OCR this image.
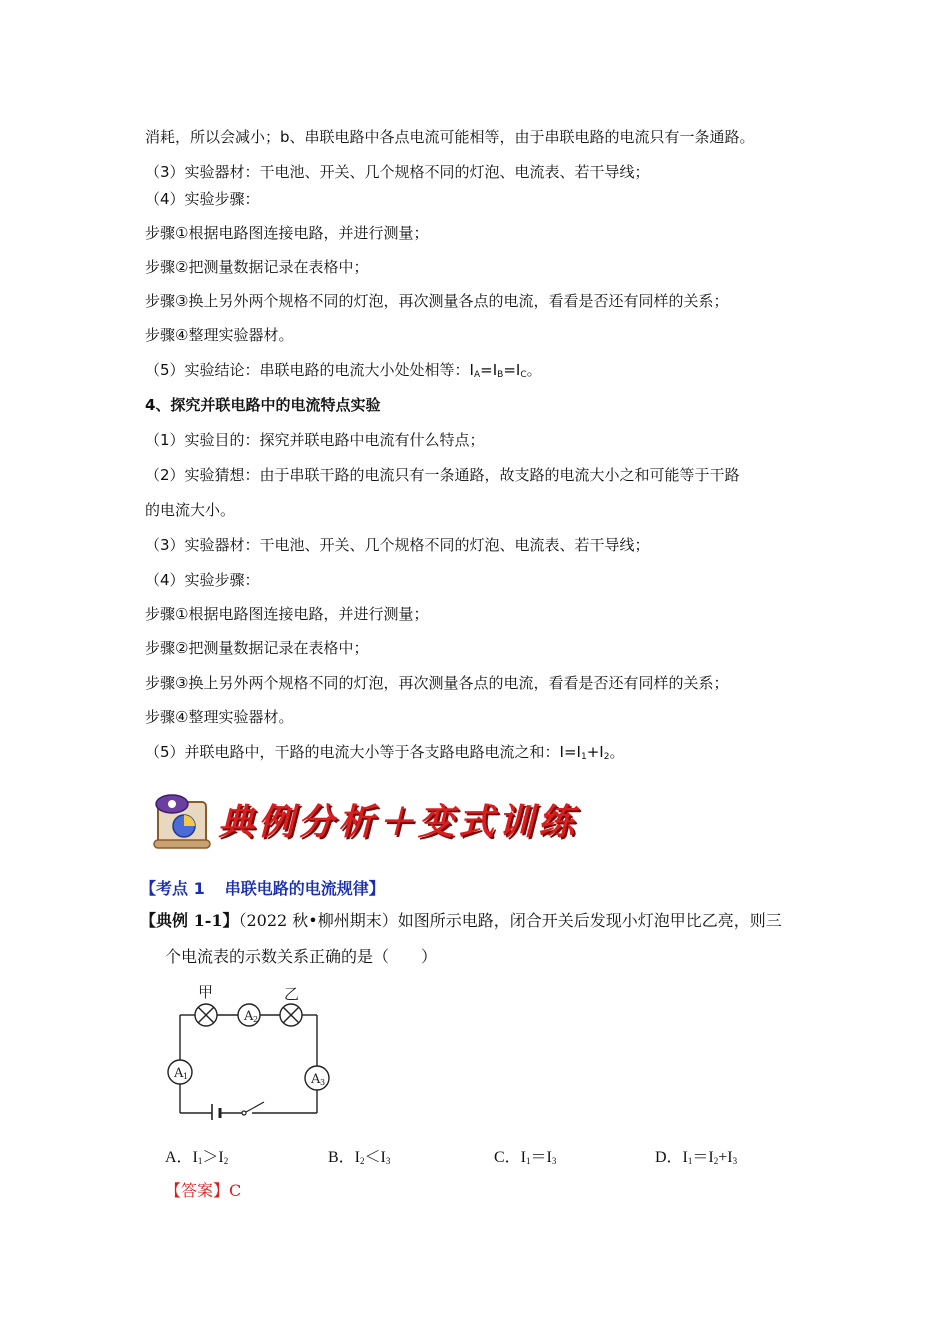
消耗，所以会减小；b、串联电路中各点电流可能相等，由于串联电路的电流只有一条通路。
（3）实验器材：干电池、开关、几个规格不同的灯泡、电流表、若干导线；
（4）实验步骤：
步骤①根据电路图连接电路，并进行测量；
步骤②把测量数据记录在表格中；
步骤③换上另外两个规格不同的灯泡，再次测量各点的电流，看看是否还有同样的关系；
步骤④整理实验器材。
（5）实验结论：串联电路的电流大小处处相等：$I_A=I_B=I_C$。
4、探究并联电路中的电流特点实验
（1）实验目的：探究并联电路中电流有什么特点；
（2）实验猜想：由于串联干路的电流只有一条通路，故支路的电流大小之和可能等于干路
的电流大小。
（3）实验器材：干电池、开关、几个规格不同的灯泡、电流表、若干导线；
（4）实验步骤：
步骤①根据电路图连接电路，并进行测量；
步骤②把测量数据记录在表格中；
步骤③换上另外两个规格不同的灯泡，再次测量各点的电流，看看是否还有同样的关系；
步骤④整理实验器材。
（5）并联电路中，干路的电流大小等于各支路电路电流之和：$I=I_1+I_2$。
典例分析＋变式训练
【考点 1 串联电路的电流规律】
【典例 1-1】（2022 秋•柳州期末）如图所示电路，闭合开关后发现小灯泡甲比乙亮，则三
个电流表的示数关系正确的是（　　）
A 2
A 1	A 3
甲	乙
A．$I_1>I_2$	B．$I_2<I_3$	C．$I_1=I_3$	D．$I_1=I_2+I_3$
【答案】C
